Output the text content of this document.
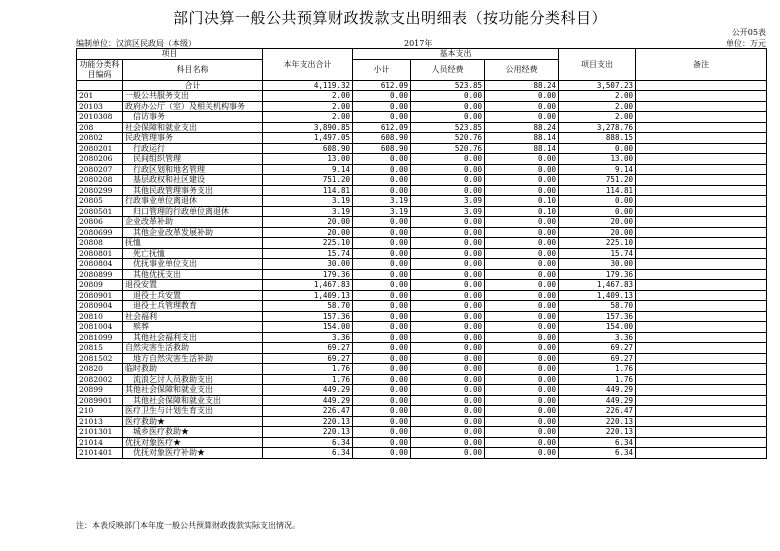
部门决算一般公共预算财政拨款支出明细表（按功能分类科目）
公开05表
编制单位：汉滨区民政局（本级）	2017年	单位：万元
项目		本年支出合计	基本支出			项目支出	备注
功能分类科目编码	科目名称		小计	人员经费	公用经费		

	合计	4,119.32	612.09	523.85	88.24	3,507.23	
201	一般公共服务支出	2.00	0.00	0.00	0.00	2.00	
20103	政府办公厅（室）及相关机构事务	2.00	0.00	0.00	0.00	2.00	
2010308	信访事务	2.00	0.00	0.00	0.00	2.00	
208	社会保障和就业支出	3,890.85	612.09	523.85	88.24	3,278.76	
20802	民政管理事务	1,497.05	608.90	520.76	88.14	888.15	
2080201	行政运行	608.90	608.90	520.76	88.14	0.00	
2080206	民间组织管理	13.00	0.00	0.00	0.00	13.00	
2080207	行政区划和地名管理	9.14	0.00	0.00	0.00	9.14	
2080208	基层政权和社区建设	751.20	0.00	0.00	0.00	751.20	
2080299	其他民政管理事务支出	114.81	0.00	0.00	0.00	114.81	
20805	行政事业单位离退休	3.19	3.19	3.09	0.10	0.00	
2080501	归口管理的行政单位离退休	3.19	3.19	3.09	0.10	0.00	
20806	企业改革补助	20.00	0.00	0.00	0.00	20.00	
2080699	其他企业改革发展补助	20.00	0.00	0.00	0.00	20.00	
20808	抚恤	225.10	0.00	0.00	0.00	225.10	
2080801	死亡抚恤	15.74	0.00	0.00	0.00	15.74	
2080804	优抚事业单位支出	30.00	0.00	0.00	0.00	30.00	
2080899	其他优抚支出	179.36	0.00	0.00	0.00	179.36	
20809	退役安置	1,467.83	0.00	0.00	0.00	1,467.83	
2080901	退役士兵安置	1,409.13	0.00	0.00	0.00	1,409.13	
2080904	退役士兵管理教育	58.70	0.00	0.00	0.00	58.70	
20810	社会福利	157.36	0.00	0.00	0.00	157.36	
2081004	殡葬	154.00	0.00	0.00	0.00	154.00	
2081099	其他社会福利支出	3.36	0.00	0.00	0.00	3.36	
20815	自然灾害生活救助	69.27	0.00	0.00	0.00	69.27	
2081502	地方自然灾害生活补助	69.27	0.00	0.00	0.00	69.27	
20820	临时救助	1.76	0.00	0.00	0.00	1.76	
2082002	流浪乞讨人员救助支出	1.76	0.00	0.00	0.00	1.76	
20899	其他社会保障和就业支出	449.29	0.00	0.00	0.00	449.29	
2089901	其他社会保障和就业支出	449.29	0.00	0.00	0.00	449.29	
210	医疗卫生与计划生育支出	226.47	0.00	0.00	0.00	226.47	
21013	医疗救助★	220.13	0.00	0.00	0.00	220.13	
2101301	城乡医疗救助★	220.13	0.00	0.00	0.00	220.13	
21014	优抚对象医疗★	6.34	0.00	0.00	0.00	6.34	
2101401	优抚对象医疗补助★	6.34	0.00	0.00	0.00	6.34	
注：本表反映部门本年度一般公共预算财政拨款实际支出情况。
